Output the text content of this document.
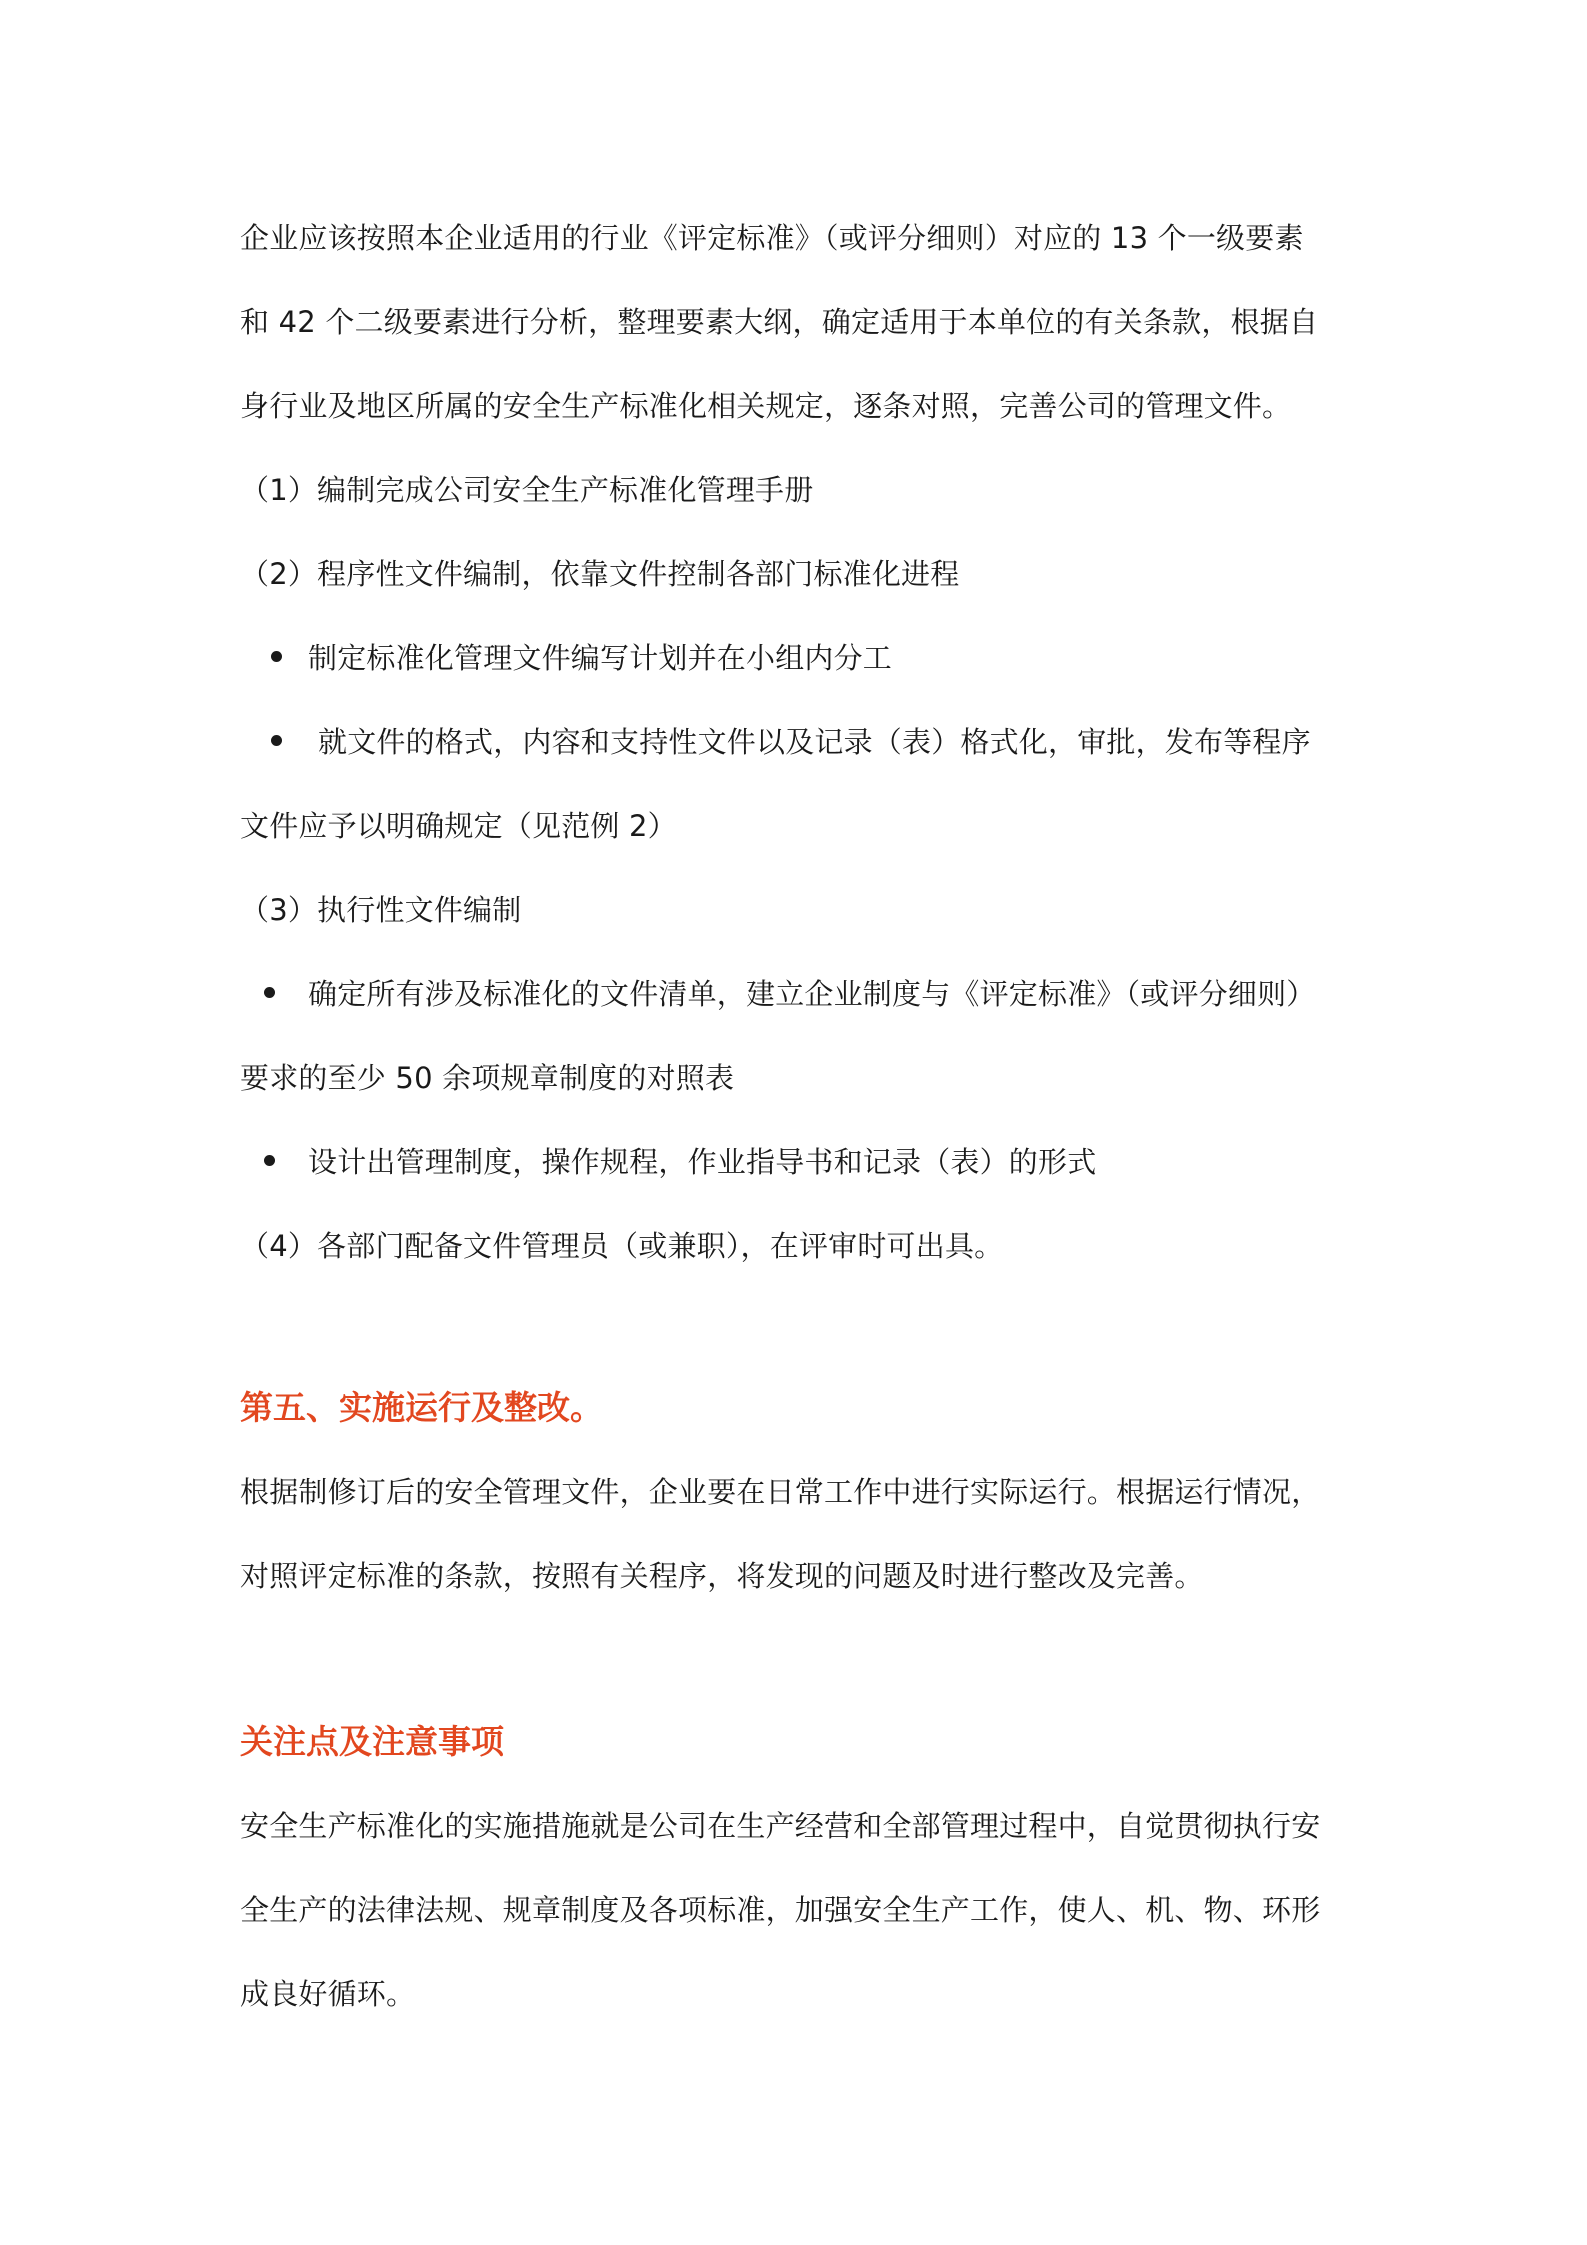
企业应该按照本企业适用的行业《评定标准》（或评分细则）对应的 13 个一级要素
和 42 个二级要素进行分析，整理要素大纲，确定适用于本单位的有关条款，根据自
身行业及地区所属的安全生产标准化相关规定，逐条对照，完善公司的管理文件。
（1）编制完成公司安全生产标准化管理手册
（2）程序性文件编制，依靠文件控制各部门标准化进程
制定标准化管理文件编写计划并在小组内分工
就文件的格式，内容和支持性文件以及记录（表）格式化，审批，发布等程序
文件应予以明确规定（见范例 2）
（3）执行性文件编制
确定所有涉及标准化的文件清单，建立企业制度与《评定标准》（或评分细则）
要求的至少 50 余项规章制度的对照表
设计出管理制度，操作规程，作业指导书和记录（表）的形式
（4）各部门配备文件管理员（或兼职），在评审时可出具。
第五、实施运行及整改。
根据制修订后的安全管理文件，企业要在日常工作中进行实际运行。根据运行情况，
对照评定标准的条款，按照有关程序，将发现的问题及时进行整改及完善。
关注点及注意事项
安全生产标准化的实施措施就是公司在生产经营和全部管理过程中，自觉贯彻执行安
全生产的法律法规、规章制度及各项标准，加强安全生产工作，使人、机、物、环形
成良好循环。
